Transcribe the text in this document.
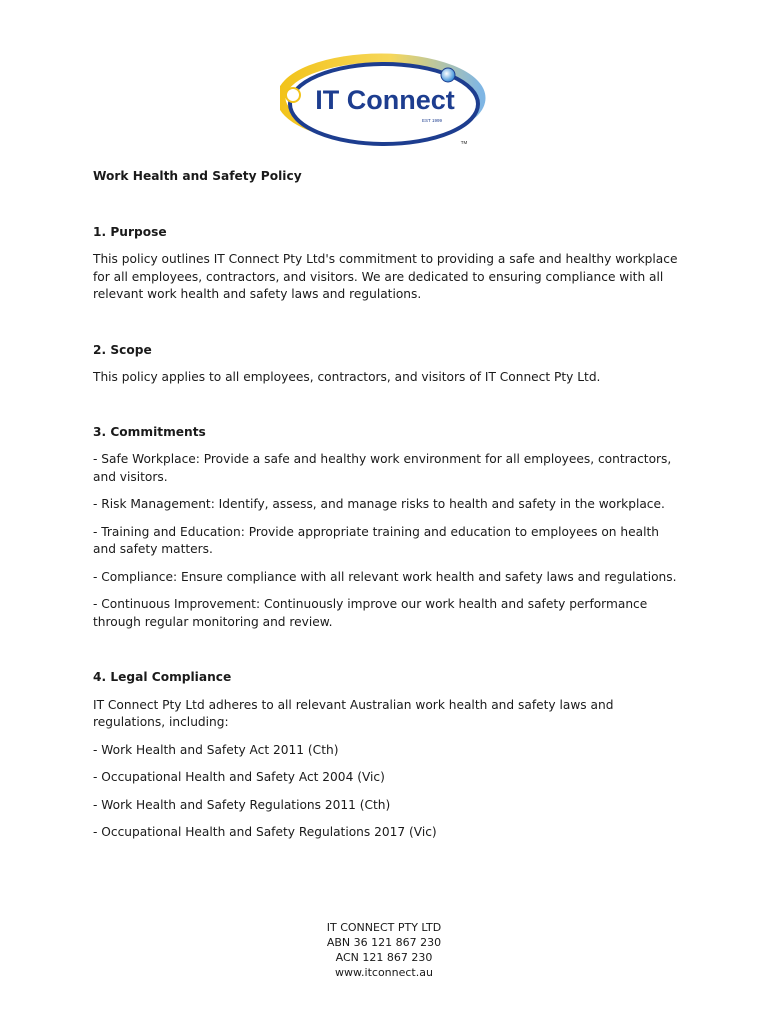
IT Connect
EST 1999
TM

Work Health and Safety Policy

1. Purpose

This policy outlines IT Connect Pty Ltd's commitment to providing a safe and healthy workplace for all employees, contractors, and visitors. We are dedicated to ensuring compliance with all relevant work health and safety laws and regulations.

2. Scope

This policy applies to all employees, contractors, and visitors of IT Connect Pty Ltd.

3. Commitments

- Safe Workplace: Provide a safe and healthy work environment for all employees, contractors, and visitors.

- Risk Management: Identify, assess, and manage risks to health and safety in the workplace.

- Training and Education: Provide appropriate training and education to employees on health and safety matters.

- Compliance: Ensure compliance with all relevant work health and safety laws and regulations.

- Continuous Improvement: Continuously improve our work health and safety performance through regular monitoring and review.

4. Legal Compliance

IT Connect Pty Ltd adheres to all relevant Australian work health and safety laws and regulations, including:

- Work Health and Safety Act 2011 (Cth)

- Occupational Health and Safety Act 2004 (Vic)

- Work Health and Safety Regulations 2011 (Cth)

- Occupational Health and Safety Regulations 2017 (Vic)

IT CONNECT PTY LTD
ABN 36 121 867 230
ACN 121 867 230
www.itconnect.au
